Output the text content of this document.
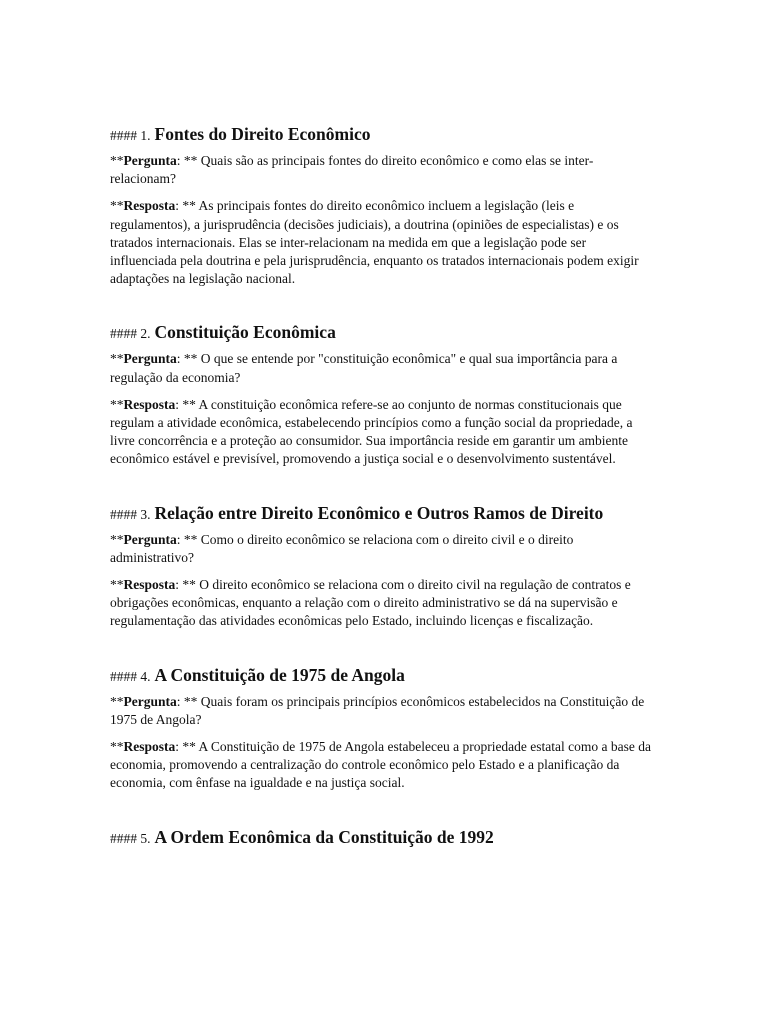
#### 1. Fontes do Direito Econômico

**Pergunta: ** Quais são as principais fontes do direito econômico e como elas se inter-relacionam?

**Resposta: ** As principais fontes do direito econômico incluem a legislação (leis e regulamentos), a jurisprudência (decisões judiciais), a doutrina (opiniões de especialistas) e os tratados internacionais. Elas se inter-relacionam na medida em que a legislação pode ser influenciada pela doutrina e pela jurisprudência, enquanto os tratados internacionais podem exigir adaptações na legislação nacional.

#### 2. Constituição Econômica

**Pergunta: ** O que se entende por "constituição econômica" e qual sua importância para a regulação da economia?

**Resposta: ** A constituição econômica refere-se ao conjunto de normas constitucionais que regulam a atividade econômica, estabelecendo princípios como a função social da propriedade, a livre concorrência e a proteção ao consumidor. Sua importância reside em garantir um ambiente econômico estável e previsível, promovendo a justiça social e o desenvolvimento sustentável.

#### 3. Relação entre Direito Econômico e Outros Ramos de Direito

**Pergunta: ** Como o direito econômico se relaciona com o direito civil e o direito administrativo?

**Resposta: ** O direito econômico se relaciona com o direito civil na regulação de contratos e obrigações econômicas, enquanto a relação com o direito administrativo se dá na supervisão e regulamentação das atividades econômicas pelo Estado, incluindo licenças e fiscalização.

#### 4. A Constituição de 1975 de Angola

**Pergunta: ** Quais foram os principais princípios econômicos estabelecidos na Constituição de 1975 de Angola?

**Resposta: ** A Constituição de 1975 de Angola estabeleceu a propriedade estatal como a base da economia, promovendo a centralização do controle econômico pelo Estado e a planificação da economia, com ênfase na igualdade e na justiça social.

#### 5. A Ordem Econômica da Constituição de 1992
